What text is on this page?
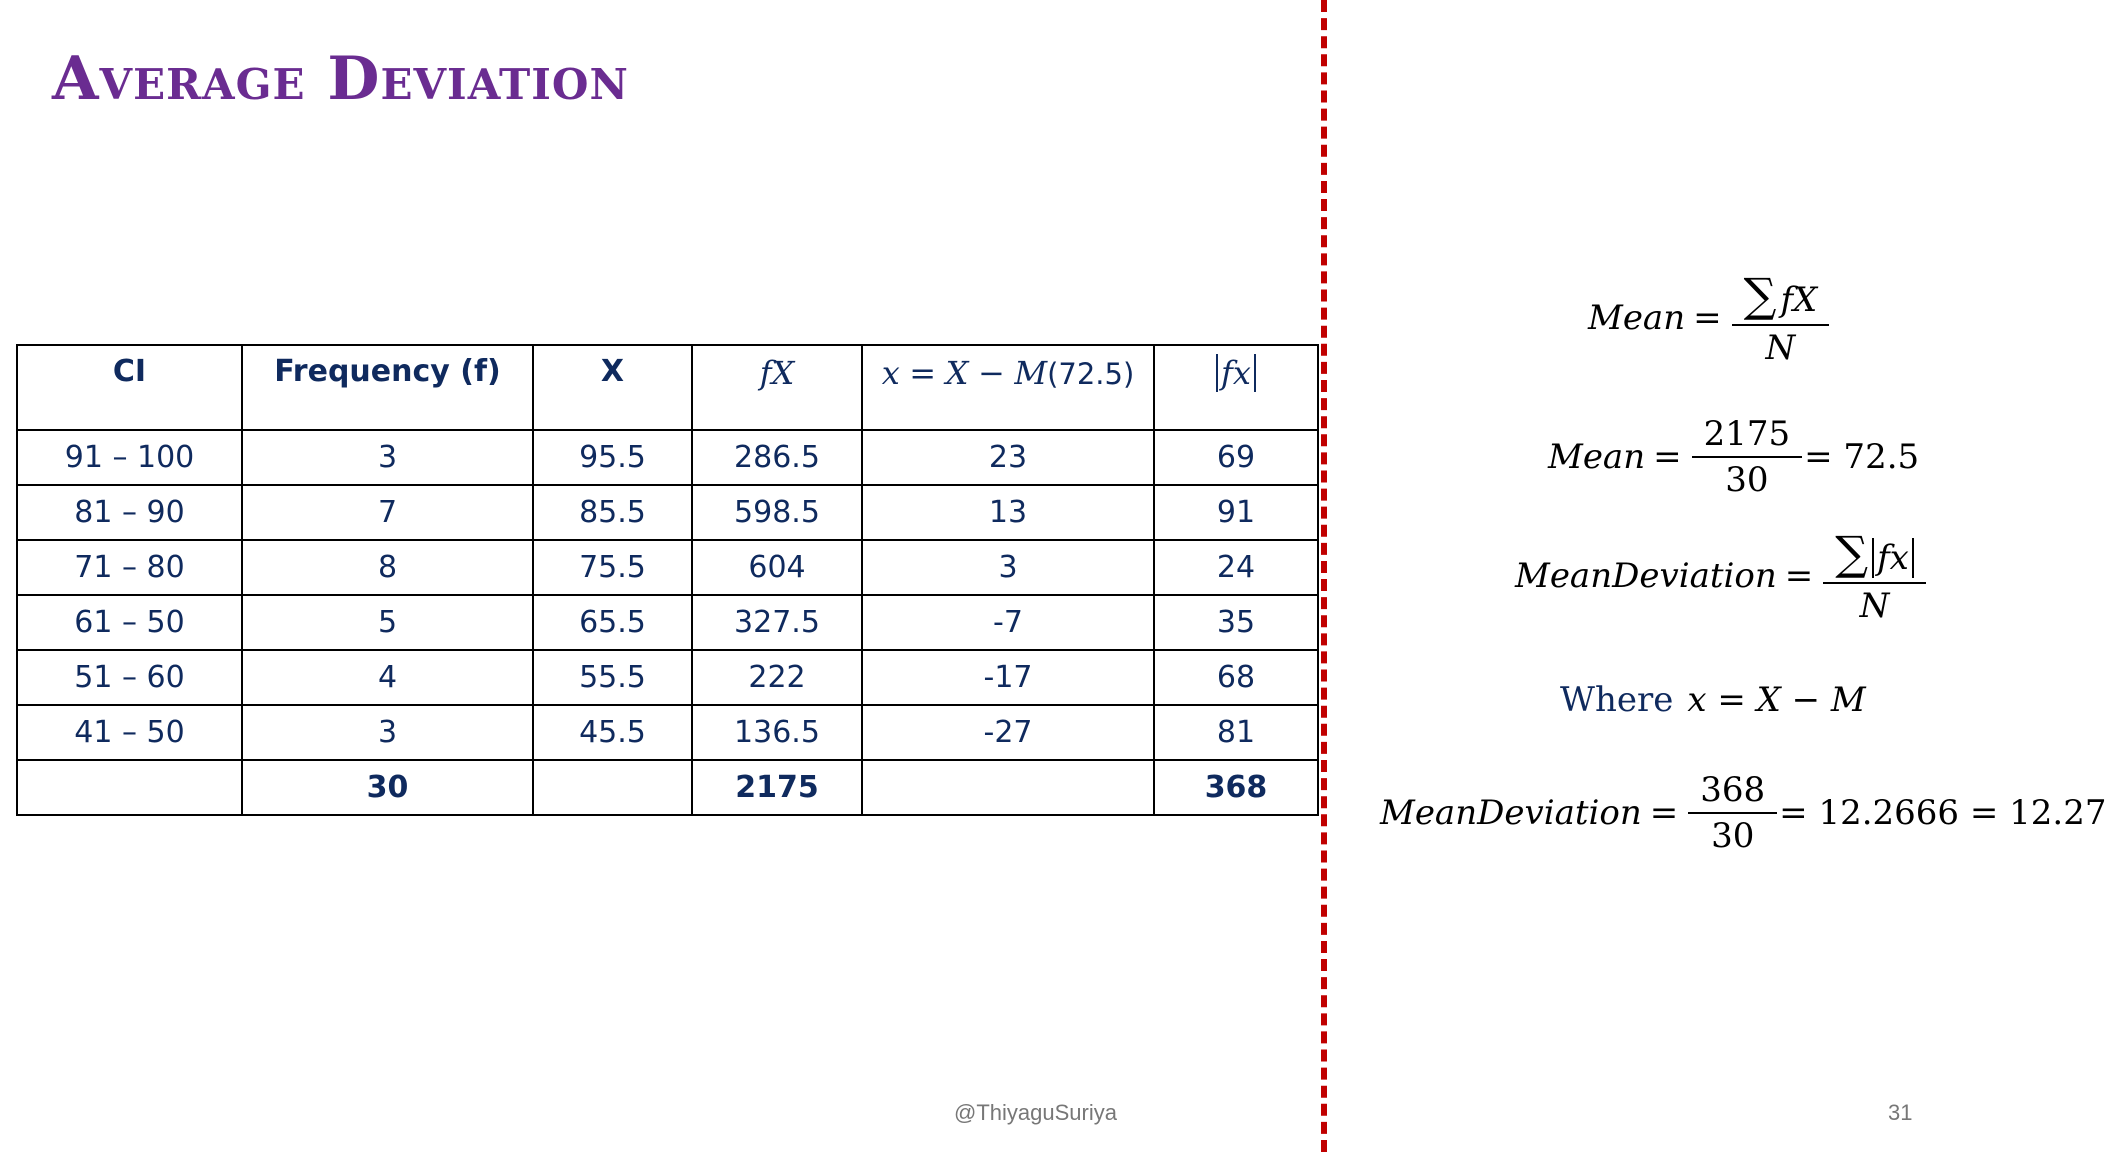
Average Deviation
CI	Frequency (f)	X	fX	x = X − M(72.5)	fx
91 – 100	3	95.5	286.5	23	69
81 – 90	7	85.5	598.5	13	91
71 – 80	8	75.5	604	3	24
61 – 50	5	65.5	327.5	-7	35
51 – 60	4	55.5	222	-17	68
41 – 50	3	45.5	136.5	-27	81
	30		2175		368
Mean = $\frac{\sum fX}{N}$
Mean = $\frac{2175}{30} = 72.5$
MeanDeviation = $\frac{\sum fx}{N}$
Where x = X − M
MeanDeviation = $\frac{368}{30} = 12.2666 = 12.27$
@ThiyaguSuriya	31
